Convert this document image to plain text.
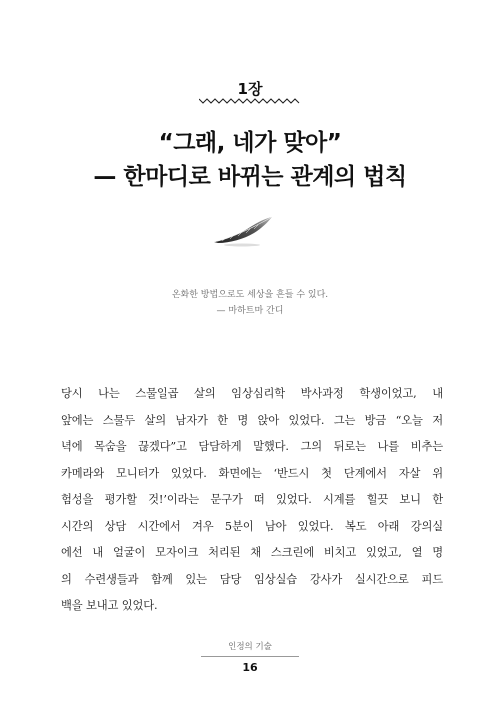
1장
“그래, 네가 맞아”
— 한마디로 바뀌는 관계의 법칙
온화한 방법으로도 세상을 흔들 수 있다.
— 마하트마 간디
당시 나는 스물일곱 살의 임상심리학 박사과정 학생이었고, 내
앞에는 스물두 살의 남자가 한 명 앉아 있었다. 그는 방금 “오늘 저
녁에 목숨을 끊겠다”고 담담하게 말했다. 그의 뒤로는 나를 비추는
카메라와 모니터가 있었다. 화면에는 ‘반드시 첫 단계에서 자살 위
험성을 평가할 것!’이라는 문구가 떠 있었다. 시계를 힐끗 보니 한
시간의 상담 시간에서 겨우 5분이 남아 있었다. 복도 아래 강의실
에선 내 얼굴이 모자이크 처리된 채 스크린에 비치고 있었고, 열 명
의 수련생들과 함께 있는 담당 임상실습 강사가 실시간으로 피드
백을 보내고 있었다.
인정의 기술
16
